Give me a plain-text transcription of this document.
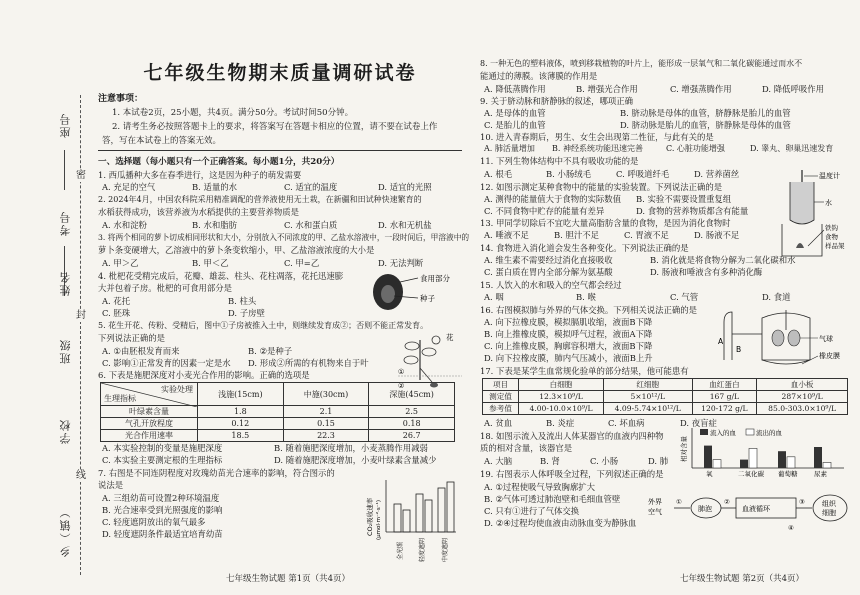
座号
考号
姓名
班级
学校
乡（镇）
密
封
线
七年级生物期末质量调研试卷
注意事项：
1. 本试卷2页，25小题，共4页。满分50分。考试时间50分钟。
2. 请考生务必按照答题卡上的要求，将答案写在答题卡相应的位置，请不要在试卷上作
答，写在本试卷上的答案无效。
一、选择题（每小题只有一个正确答案。每小题1分，共20分）
1. 西瓜播种大多在春季进行，这是因为种子的萌发需要
A. 充足的空气	B. 适量的水	C. 适宜的温度	D. 适宜的光照
2. 2024年4月，中国农科院采用精准调配的营养液使用无土栽，在新疆和田试种快速繁育的
水稻获得成功，该营养液为水稻提供的主要营养物质是
A. 水和淀粉	B. 水和脂肪	C. 水和蛋白质	D. 水和无机盐
3. 将两个相同的萝卜切成相同形状和大小，分别放入不同浓度的甲、乙盐水溶液中，一段时间后，甲溶液中的
萝卜条变硬增大，乙溶液中的萝卜条变软缩小，甲、乙盐溶液浓度的大小是
A. 甲＞乙	B. 甲＜乙	C. 甲=乙	D. 无法判断
4. 枇杷花受精完成后，花瓣、雄蕊、柱头、花柱凋落，花托迅速膨
大并包着子房。枇杷的可食用部分是
A. 花托	B. 柱头
C. 胚珠	D. 子房壁
食用部分
种子
5. 花生开花、传粉、受精后，图中①子房被推入土中，则继续发育成②；否则不能正常发育。
下列说法正确的是
A. ①由胚根发育而来	B. ②是种子
C. 影响①正常发育的因素一定是水 D. 形成②所需的有机物来自于叶
花
①
②
6. 下表是施肥深度对小麦光合作用的影响。正确的选项是
实验处理
生理指标	浅施(15cm)	中施(30cm)	深施(45cm)
叶绿素含量	1.8	2.1	2.5
气孔开放程度	0.12	0.15	0.18
光合作用速率	18.5	22.3	26.7
A. 本实验控制的变量是施肥深度	B. 随着施肥深度增加，小麦蒸腾作用减弱
C. 本实验主要测定根的生理指标	D. 随着施肥深度增加，小麦叶绿素含量减少
7. 右图是不同连阴程度对玫瑰幼苗光合速率的影响，符合图示的
说法是
A. 三组幼苗可设置2种环境温度
B. 光合速率受到光照强度的影响
C. 轻度遮阴放出的氧气最多
D. 轻度遮阴条件最适宜培育幼苗	CO₂吸收速率 (μmol·m⁻²·s⁻¹)
全光照	轻度遮阴	中度遮阴
七年级生物试题 第1页（共4页）
8. 一种无色的塑料液体，喷到移栽植物的叶片上，能形成一层氧气和二氧化碳能通过而水不
能通过的薄膜。该薄膜的作用是
A. 降低蒸腾作用	B. 增强光合作用	C. 增强蒸腾作用	D. 降低呼吸作用
9. 关于脐动脉和脐静脉的叙述，哪项正确
A. 是母体的血管	B. 脐动脉是母体的血管，脐静脉是胎儿的血管
C. 是胎儿的血管	D. 脐动脉是胎儿的血管，脐静脉是母体的血管
10. 进入青春期后，男生、女生会出现第二性征，与此有关的是
A. 肺活量增加 B. 神经系统功能迅速完善	C. 心脏功能增强	D. 睾丸、卵巢迅速发育
11. 下列生物体结构中不具有吸收功能的是
A. 根毛	B. 小肠绒毛	C. 呼吸道纤毛	D. 营养菌丝
12. 如图示测定某种食物中的能量的实验装置。下列说法正确的是
A. 测得的能量值大于食物的实际数值 B. 实验不需要设置重复组
C. 不同食物中贮存的能量有差异	D. 食物的营养物质都含有能量
温度计
水
铁钩
食物
样品架
13. 甲同学切除后不宜吃大量高脂肪含量的食物，是因为消化食物时
A. 唾液不足	B. 胆汁不足	C. 胃液不足	D. 肠液不足
14. 食物进入消化道会发生各种变化。下列说法正确的是
A. 维生素不需要经过消化直接吸收	B. 消化就是将食物分解为二氧化碳和水
C. 蛋白质在胃内全部分解为氨基酸	D. 肠液和唾液含有多种消化酶
15. 人饮入的水和吸入的空气都会经过
A. 咽	B. 喉	C. 气管	D. 食道
16. 右图模拟肺与外界的气体交换。下列相关说法正确的是
A. 向下拉橡皮膜，模拟膈肌收缩，液面B下降
B. 向上推橡皮膜，模拟呼气过程，液面A下降
C. 向上推橡皮膜，胸廓容积增大，液面B下降
D. 向下拉橡皮膜，肺内气压减小，液面B上升
A
B
气球
橡皮膜
17. 下表是某学生血常规化验单的部分结果，他可能患有
项目	白细胞	红细胞	血红蛋白	血小板
测定值	12.3×10⁹/L	5×10¹²/L	167 g/L	287×10⁹/L
参考值	4.00-10.0×10⁹/L	4.09-5.74×10¹²/L	120-172 g/L	85.0-303.0×10⁹/L
A. 贫血	B. 炎症	C. 坏血病	D. 夜盲症
18. 如图示流入及流出人体某器官的血液内四种物
质的相对含量，该器官是
A. 大脑	B. 肾	C. 小肠	D. 肺 相对含量
流入的血	流出的血
氧	二氧化碳 葡萄糖	尿素
19. 右图表示人体呼吸全过程，下列叙述正确的是
A. ①过程使吸气导致胸廓扩大
B. ②气体可透过肺泡壁和毛细血管壁
C. 只有①进行了气体交换
D. ②④过程均使血液由动脉血变为静脉血
外界
空气
①
肺泡
②
血液循环
③ 组织
细胞
④
七年级生物试题 第2页（共4页）
